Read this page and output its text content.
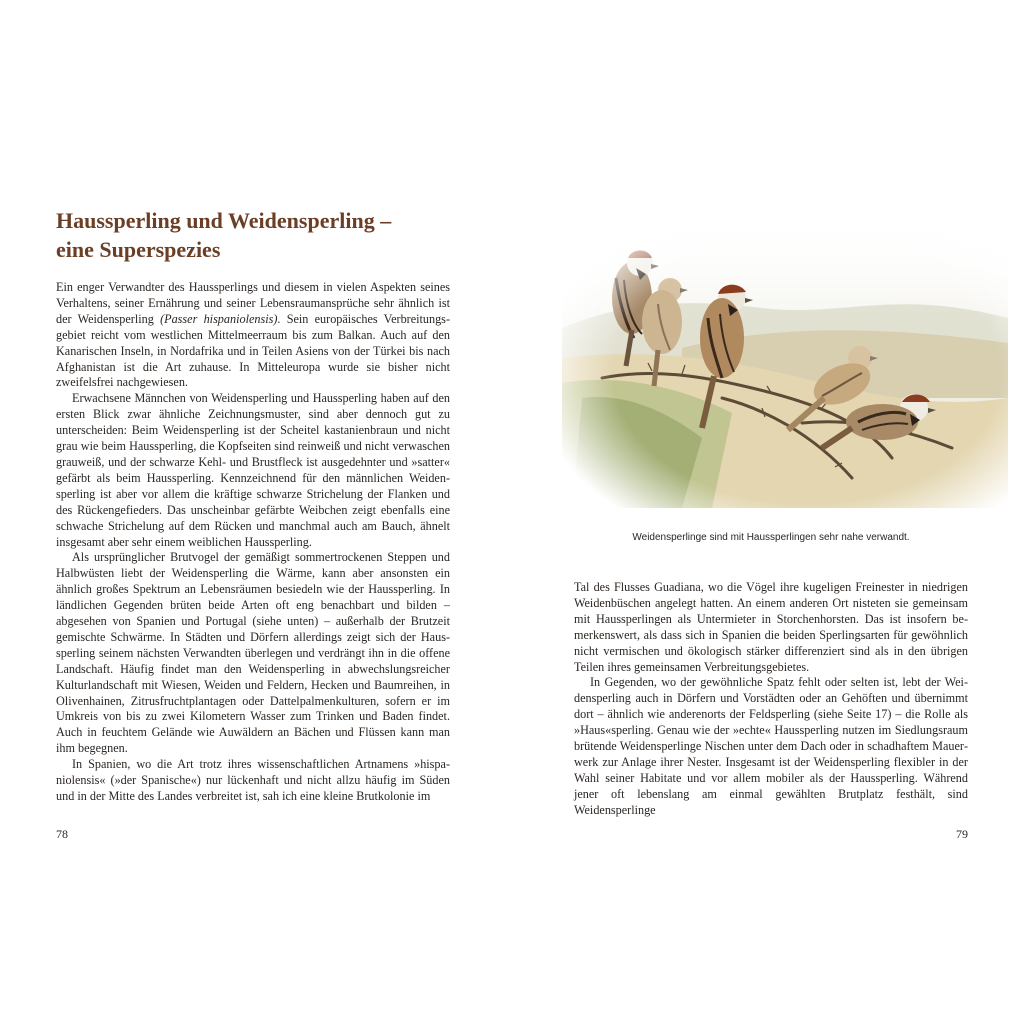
Haussperling und Weidensperling –
eine Superspezies

Ein enger Verwandter des Haussperlings und diesem in vielen Aspekten seines Verhaltens, seiner Ernährung und seiner Lebensraumansprüche sehr ähnlich ist der Weidensperling (Passer hispaniolensis). Sein europäisches Verbreitungsgebiet reicht vom westlichen Mittelmeerraum bis zum Balkan. Auch auf den Kanarischen Inseln, in Nordafrika und in Teilen Asiens von der Türkei bis nach Afghanistan ist die Art zuhause. In Mitteleuropa wurde sie bisher nicht zweifelsfrei nachgewiesen.

Erwachsene Männchen von Weidensperling und Haussperling haben auf den ersten Blick zwar ähnliche Zeichnungsmuster, sind aber dennoch gut zu unterscheiden: Beim Weidensperling ist der Scheitel kastanienbraun und nicht grau wie beim Haussperling, die Kopfseiten sind reinweiß und nicht verwaschen grauweiß, und der schwarze Kehl- und Brustfleck ist ausgedehnter und »satter« gefärbt als beim Haussperling. Kennzeichnend für den männlichen Weidensperling ist aber vor allem die kräftige schwarze Strichelung der Flanken und des Rückengefieders. Das unscheinbar gefärbte Weibchen zeigt ebenfalls eine schwache Strichelung auf dem Rücken und manchmal auch am Bauch, ähnelt insgesamt aber sehr einem weiblichen Haussperling.

Als ursprünglicher Brutvogel der gemäßigt sommertrockenen Steppen und Halbwüsten liebt der Weidensperling die Wärme, kann aber ansonsten ein ähnlich großes Spektrum an Lebensräumen besiedeln wie der Haussperling. In ländlichen Gegenden brüten beide Arten oft eng benachbart und bilden – abgesehen von Spanien und Portugal (siehe unten) – außerhalb der Brutzeit gemischte Schwärme. In Städten und Dörfern allerdings zeigt sich der Haussperling seinem nächsten Verwandten überlegen und verdrängt ihn in die offene Landschaft. Häufig findet man den Weidensperling in abwechslungsreicher Kulturlandschaft mit Wiesen, Weiden und Feldern, Hecken und Baumreihen, in Olivenhainen, Zitrusfruchtplantagen oder Dattelpalmenkulturen, sofern er im Umkreis von bis zu zwei Kilometern Wasser zum Trinken und Baden findet. Auch in feuchtem Gelände wie Auwäldern an Bächen und Flüssen kann man ihm begegnen.

In Spanien, wo die Art trotz ihres wissenschaftlichen Artnamens »hispaniolensis« (»der Spanische«) nur lückenhaft und nicht allzu häufig im Süden und in der Mitte des Landes verbreitet ist, sah ich eine kleine Brutkolonie im

78
Weidensperlinge sind mit Haussperlingen sehr nahe verwandt.

Tal des Flusses Guadiana, wo die Vögel ihre kugeligen Freinester in niedrigen Weidenbüschen angelegt hatten. An einem anderen Ort nisteten sie gemeinsam mit Haussperlingen als Untermieter in Storchenhorsten. Das ist insofern bemerkenswert, als dass sich in Spanien die beiden Sperlingsarten für gewöhnlich nicht vermischen und ökologisch stärker differenziert sind als in den übrigen Teilen ihres gemeinsamen Verbreitungsgebietes.

In Gegenden, wo der gewöhnliche Spatz fehlt oder selten ist, lebt der Weidensperling auch in Dörfern und Vorstädten oder an Gehöften und übernimmt dort – ähnlich wie anderenorts der Feldsperling (siehe Seite 17) – die Rolle als »Haus«sperling. Genau wie der »echte« Haussperling nutzen im Siedlungsraum brütende Weidensperlinge Nischen unter dem Dach oder in schadhaftem Mauerwerk zur Anlage ihrer Nester. Insgesamt ist der Weidensperling flexibler in der Wahl seiner Habitate und vor allem mobiler als der Haussperling. Während jener oft lebenslang am einmal gewählten Brutplatz festhält, sind Weidensperlinge

79
